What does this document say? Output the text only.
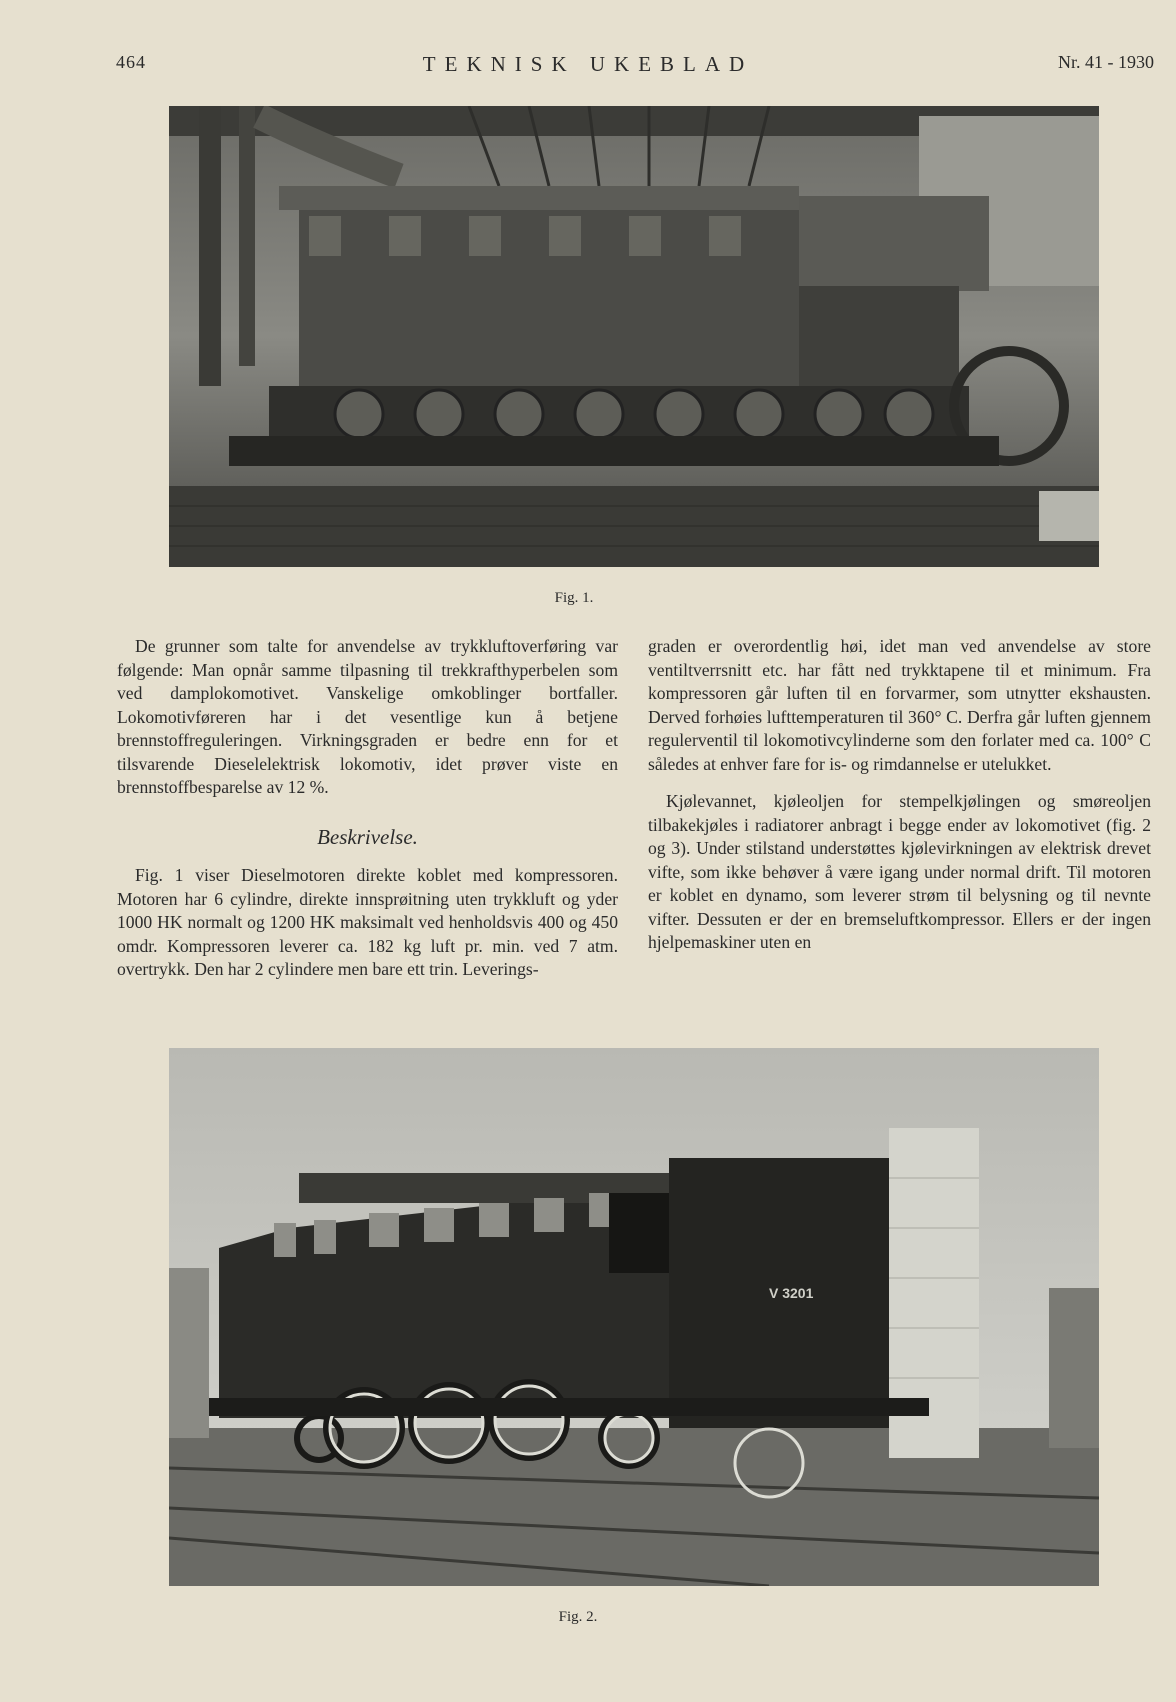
464	TEKNISK UKEBLAD	Nr. 41 - 1930
Fig. 1.

De grunner som talte for anvendelse av trykkluftoverføring var følgende: Man opnår samme tilpasning til trekkrafthyperbelen som ved damplokomotivet. Vanskelige omkoblinger bortfaller. Lokomotivføreren har i det vesentlige kun å betjene brennstoffreguleringen. Virkningsgraden er bedre enn for et tilsvarende Dieselelektrisk lokomotiv, idet prøver viste en brennstoffbesparelse av 12 %.

Beskrivelse.

Fig. 1 viser Dieselmotoren direkte koblet med kompressoren. Motoren har 6 cylindre, direkte innsprøitning uten trykkluft og yder 1000 HK normalt og 1200 HK maksimalt ved henholdsvis 400 og 450 omdr. Kompressoren leverer ca. 182 kg luft pr. min. ved 7 atm. overtrykk. Den har 2 cylindere men bare ett trin. Leverings-

graden er overordentlig høi, idet man ved anvendelse av store ventiltverrsnitt etc. har fått ned trykktapene til et minimum. Fra kompressoren går luften til en forvarmer, som utnytter ekshausten. Derved forhøies lufttemperaturen til 360° C. Derfra går luften gjennem regulerventil til lokomotivcylinderne som den forlater med ca. 100° C således at enhver fare for is- og rimdannelse er utelukket.

Kjølevannet, kjøleoljen for stempelkjølingen og smøreoljen tilbakekjøles i radiatorer anbragt i begge ender av lokomotivet (fig. 2 og 3). Under stilstand understøttes kjølevirkningen av elektrisk drevet vifte, som ikke behøver å være igang under normal drift. Til motoren er koblet en dynamo, som leverer strøm til belysning og til nevnte vifter. Dessuten er der en bremseluftkompressor. Ellers er der ingen hjelpemaskiner uten en

V 3201
Fig. 2.
